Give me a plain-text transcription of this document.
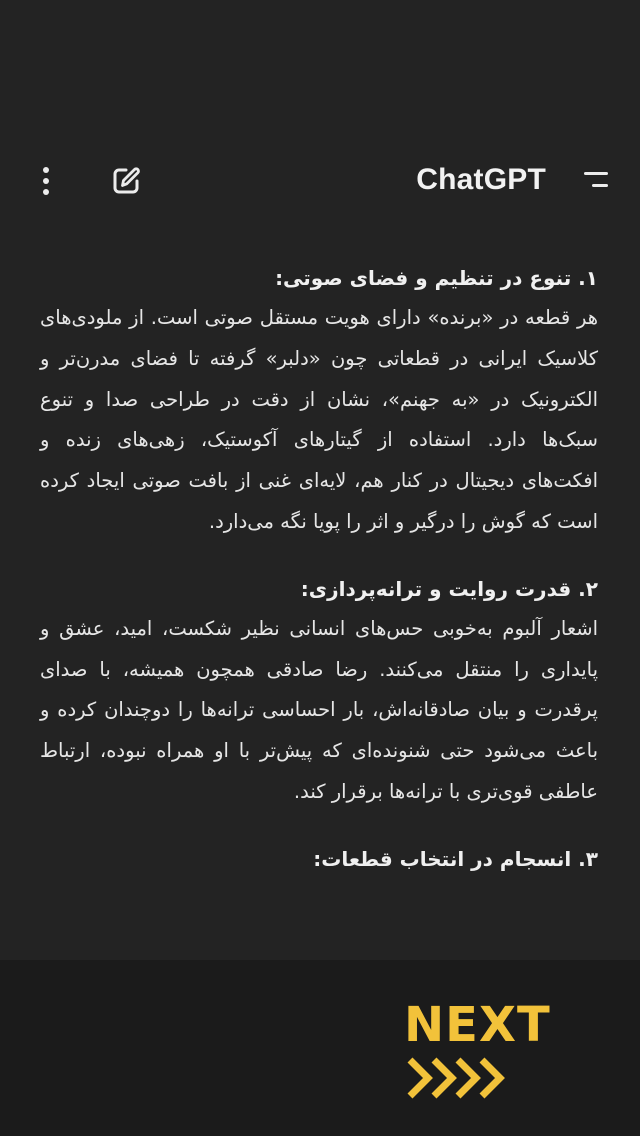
ChatGPT
۱. تنوع در تنظیم و فضای صوتی:

هر قطعه در «برنده» دارای هویت مستقل صوتی است. از ملودی‌های کلاسیک ایرانی در قطعاتی چون «دلبر» گرفته تا فضای مدرن‌تر و الکترونیک در «به جهنم»، نشان از دقت در طراحی صدا و تنوع سبک‌ها دارد. استفاده از گیتارهای آکوستیک، زهی‌های زنده و افکت‌های دیجیتال در کنار هم، لایه‌ای غنی از بافت صوتی ایجاد کرده است که گوش را درگیر و اثر را پویا نگه می‌دارد.

۲. قدرت روایت و ترانه‌پردازی:

اشعار آلبوم به‌خوبی حس‌های انسانی نظیر شکست، امید، عشق و پایداری را منتقل می‌کنند. رضا صادقی همچون همیشه، با صدای پرقدرت و بیان صادقانه‌اش، بار احساسی ترانه‌ها را دوچندان کرده و باعث می‌شود حتی شنونده‌ای که پیش‌تر با او همراه نبوده، ارتباط عاطفی قوی‌تری با ترانه‌ها برقرار کند.

۳. انسجام در انتخاب قطعات:
NEXT
